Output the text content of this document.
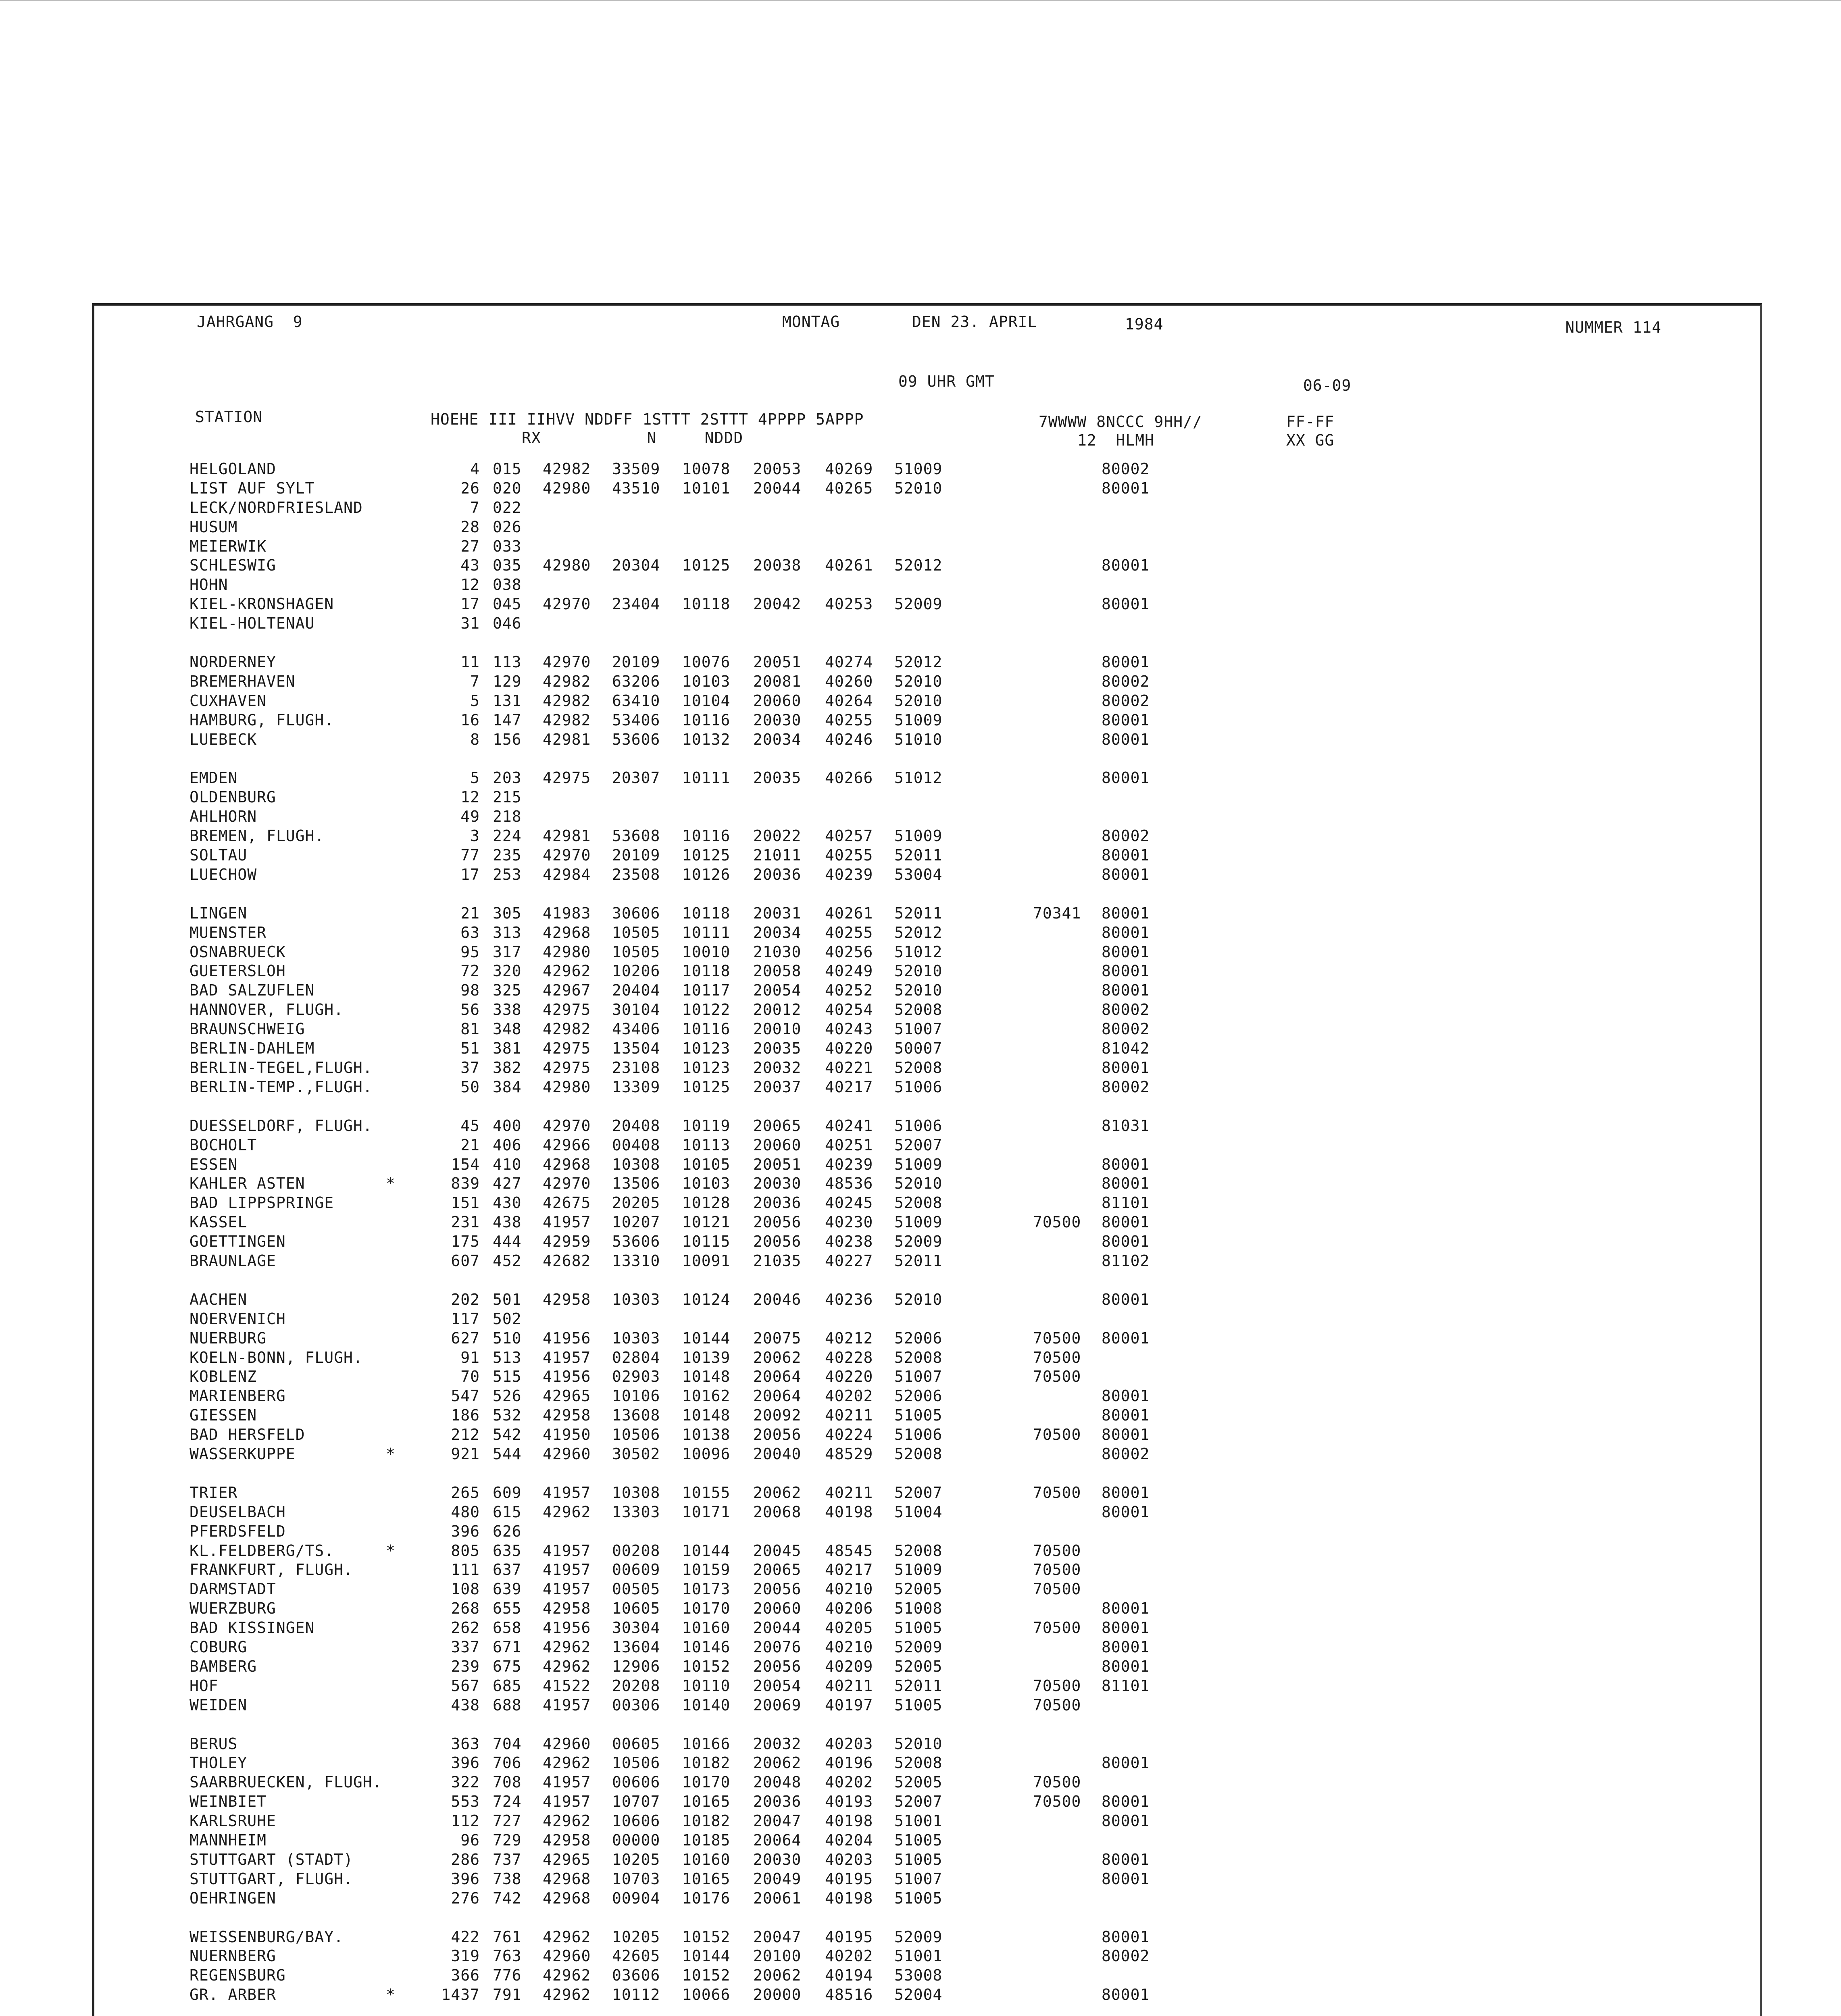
JAHRGANG  9	MONTAG	DEN 23. APRIL	1984	NUMMER 114
09 UHR GMT	06-09
STATION	HOEHE III IIHVV NDDFF 1STTT 2STTT 4PPPP 5APPP
RX           N     NDDD
7WWWW 8NCCC 9HH//
12  HLMH
FF-FF
XX GG
HELGOLAND	4 015 42982 33509 10078 20053 40269 51009	80002
LIST AUF SYLT	26 020 42980 43510 10101 20044 40265 52010	80001
LECK/NORDFRIESLAND	7 022
HUSUM	28 026
MEIERWIK	27 033
SCHLESWIG	43 035 42980 20304 10125 20038 40261 52012	80001
HOHN	12 038
KIEL-KRONSHAGEN	17 045 42970 23404 10118 20042 40253 52009	80001
KIEL-HOLTENAU	31 046
NORDERNEY	11 113 42970 20109 10076 20051 40274 52012	80001
BREMERHAVEN	7 129 42982 63206 10103 20081 40260 52010	80002
CUXHAVEN	5 131 42982 63410 10104 20060 40264 52010	80002
HAMBURG, FLUGH.	16 147 42982 53406 10116 20030 40255 51009	80001
LUEBECK	8 156 42981 53606 10132 20034 40246 51010	80001
EMDEN	5 203 42975 20307 10111 20035 40266 51012	80001
OLDENBURG	12 215
AHLHORN	49 218
BREMEN, FLUGH.	3 224 42981 53608 10116 20022 40257 51009	80002
SOLTAU	77 235 42970 20109 10125 21011 40255 52011	80001
LUECHOW	17 253 42984 23508 10126 20036 40239 53004	80001
LINGEN	21 305 41983 30606 10118 20031 40261 52011	70341 80001
MUENSTER	63 313 42968 10505 10111 20034 40255 52012	80001
OSNABRUECK	95 317 42980 10505 10010 21030 40256 51012	80001
GUETERSLOH	72 320 42962 10206 10118 20058 40249 52010	80001
BAD SALZUFLEN	98 325 42967 20404 10117 20054 40252 52010	80001
HANNOVER, FLUGH.	56 338 42975 30104 10122 20012 40254 52008	80002
BRAUNSCHWEIG	81 348 42982 43406 10116 20010 40243 51007	80002
BERLIN-DAHLEM	51 381 42975 13504 10123 20035 40220 50007	81042
BERLIN-TEGEL,FLUGH.	37 382 42975 23108 10123 20032 40221 52008	80001
BERLIN-TEMP.,FLUGH.	50 384 42980 13309 10125 20037 40217 51006	80002
DUESSELDORF, FLUGH.	45 400 42970 20408 10119 20065 40241 51006	81031
BOCHOLT	21 406 42966 00408 10113 20060 40251 52007
ESSEN	154 410 42968 10308 10105 20051 40239 51009	80001
KAHLER ASTEN	*	839 427 42970 13506 10103 20030 48536 52010	80001
BAD LIPPSPRINGE	151 430 42675 20205 10128 20036 40245 52008	81101
KASSEL	231 438 41957 10207 10121 20056 40230 51009	70500 80001
GOETTINGEN	175 444 42959 53606 10115 20056 40238 52009	80001
BRAUNLAGE	607 452 42682 13310 10091 21035 40227 52011	81102
AACHEN	202 501 42958 10303 10124 20046 40236 52010	80001
NOERVENICH	117 502
NUERBURG	627 510 41956 10303 10144 20075 40212 52006	70500 80001
KOELN-BONN, FLUGH.	91 513 41957 02804 10139 20062 40228 52008	70500
KOBLENZ	70 515 41956 02903 10148 20064 40220 51007	70500
MARIENBERG	547 526 42965 10106 10162 20064 40202 52006	80001
GIESSEN	186 532 42958 13608 10148 20092 40211 51005	80001
BAD HERSFELD	212 542 41950 10506 10138 20056 40224 51006	70500 80001
WASSERKUPPE	*	921 544 42960 30502 10096 20040 48529 52008	80002
TRIER	265 609 41957 10308 10155 20062 40211 52007	70500 80001
DEUSELBACH	480 615 42962 13303 10171 20068 40198 51004	80001
PFERDSFELD	396 626
KL.FELDBERG/TS.	*	805 635 41957 00208 10144 20045 48545 52008	70500
FRANKFURT, FLUGH.	111 637 41957 00609 10159 20065 40217 51009	70500
DARMSTADT	108 639 41957 00505 10173 20056 40210 52005	70500
WUERZBURG	268 655 42958 10605 10170 20060 40206 51008	80001
BAD KISSINGEN	262 658 41956 30304 10160 20044 40205 51005	70500 80001
COBURG	337 671 42962 13604 10146 20076 40210 52009	80001
BAMBERG	239 675 42962 12906 10152 20056 40209 52005	80001
HOF	567 685 41522 20208 10110 20054 40211 52011	70500 81101
WEIDEN	438 688 41957 00306 10140 20069 40197 51005	70500
BERUS	363 704 42960 00605 10166 20032 40203 52010
THOLEY	396 706 42962 10506 10182 20062 40196 52008	80001
SAARBRUECKEN, FLUGH.	322 708 41957 00606 10170 20048 40202 52005	70500
WEINBIET	553 724 41957 10707 10165 20036 40193 52007	70500 80001
KARLSRUHE	112 727 42962 10606 10182 20047 40198 51001	80001
MANNHEIM	96 729 42958 00000 10185 20064 40204 51005
STUTTGART (STADT)	286 737 42965 10205 10160 20030 40203 51005	80001
STUTTGART, FLUGH.	396 738 42968 10703 10165 20049 40195 51007	80001
OEHRINGEN	276 742 42968 00904 10176 20061 40198 51005
WEISSENBURG/BAY.	422 761 42962 10205 10152 20047 40195 52009	80001
NUERNBERG	319 763 42960 42605 10144 20100 40202 51001	80002
REGENSBURG	366 776 42962 03606 10152 20062 40194 53008
GR. ARBER	*	1437 791 42962 10112 10066 20000 48516 52004	80001
